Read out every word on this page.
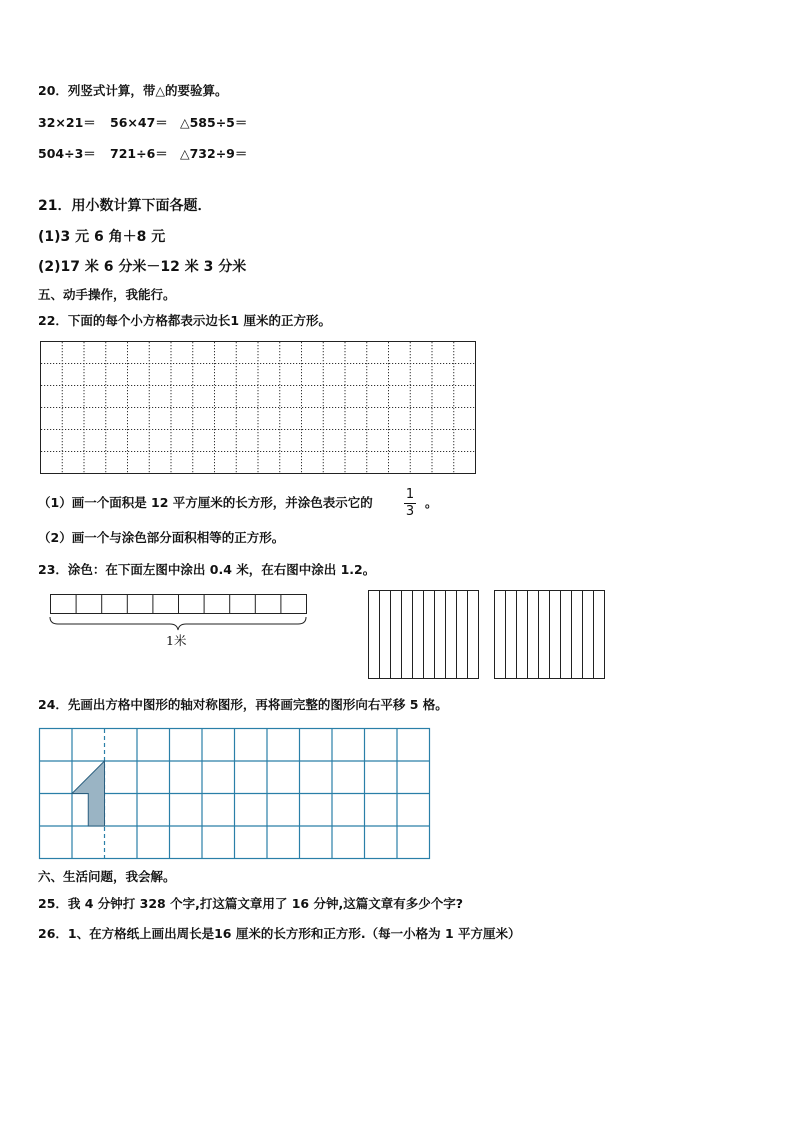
20．列竖式计算，带△的要验算。
32×21＝ 56×47＝ △585÷5＝
504÷3＝ 721÷6＝ △732÷9＝
21．用小数计算下面各题．
(1)3 元 6 角＋8 元
(2)17 米 6 分米－12 米 3 分米
五、动手操作，我能行。
22．下面的每个小方格都表示边长1 厘米的正方形。
（1）画一个面积是 12 平方厘米的长方形，并涂色表示它的
1
3
。
（2）画一个与涂色部分面积相等的正方形。
23．涂色：在下面左图中涂出 0.4 米，在右图中涂出 1.2。
1米
24．先画出方格中图形的轴对称图形，再将画完整的图形向右平移 5 格。
六、生活问题，我会解。
25．我 4 分钟打 328 个字,打这篇文章用了 16 分钟,这篇文章有多少个字?
26．1、在方格纸上画出周长是16 厘米的长方形和正方形.（每一小格为 1 平方厘米）
